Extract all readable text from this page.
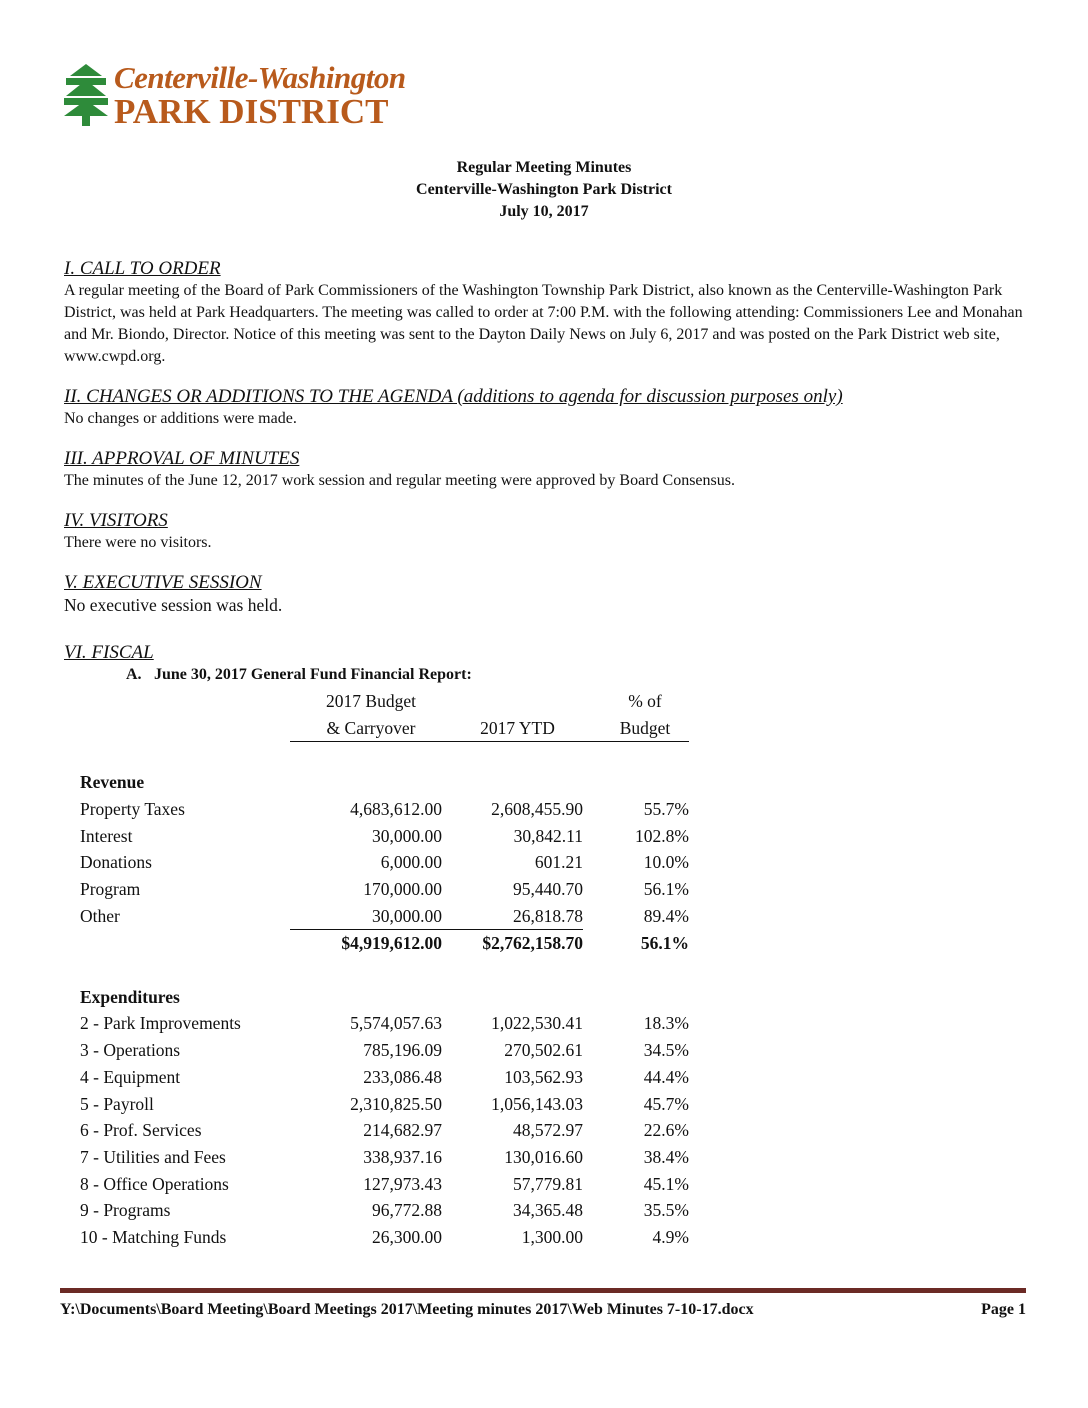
Centerville-Washington
PARK DISTRICT
Regular Meeting Minutes
Centerville-Washington Park District
July 10, 2017
I. CALL TO ORDER
A regular meeting of the Board of Park Commissioners of the Washington Township Park District, also known as the Centerville-Washington Park District, was held at Park Headquarters. The meeting was called to order at 7:00 P.M. with the following attending: Commissioners Lee and Monahan and Mr. Biondo, Director. Notice of this meeting was sent to the Dayton Daily News on July 6, 2017 and was posted on the Park District web site, www.cwpd.org.
II. CHANGES OR ADDITIONS TO THE AGENDA (additions to agenda for discussion purposes only)
No changes or additions were made.
III. APPROVAL OF MINUTES
The minutes of the June 12, 2017 work session and regular meeting were approved by Board Consensus.
IV. VISITORS
There were no visitors.
V. EXECUTIVE SESSION
No executive session was held.
VI. FISCAL
A. June 30, 2017 General Fund Financial Report:
	2017 Budget		% of
	& Carryover	2017 YTD	Budget

Revenue			
Property Taxes	4,683,612.00	2,608,455.90	55.7%
Interest	30,000.00	30,842.11	102.8%
Donations	6,000.00	601.21	10.0%
Program	170,000.00	95,440.70	56.1%
Other	30,000.00	26,818.78	89.4%
	$4,919,612.00	$2,762,158.70	56.1%

Expenditures			
2 - Park Improvements	5,574,057.63	1,022,530.41	18.3%
3 - Operations	785,196.09	270,502.61	34.5%
4 - Equipment	233,086.48	103,562.93	44.4%
5 - Payroll	2,310,825.50	1,056,143.03	45.7%
6 - Prof. Services	214,682.97	48,572.97	22.6%
7 - Utilities and Fees	338,937.16	130,016.60	38.4%
8 - Office Operations	127,973.43	57,779.81	45.1%
9 - Programs	96,772.88	34,365.48	35.5%
10 - Matching Funds	26,300.00	1,300.00	4.9%
Y:\Documents\Board Meeting\Board Meetings 2017\Meeting minutes 2017\Web Minutes 7-10-17.docx	Page 1
